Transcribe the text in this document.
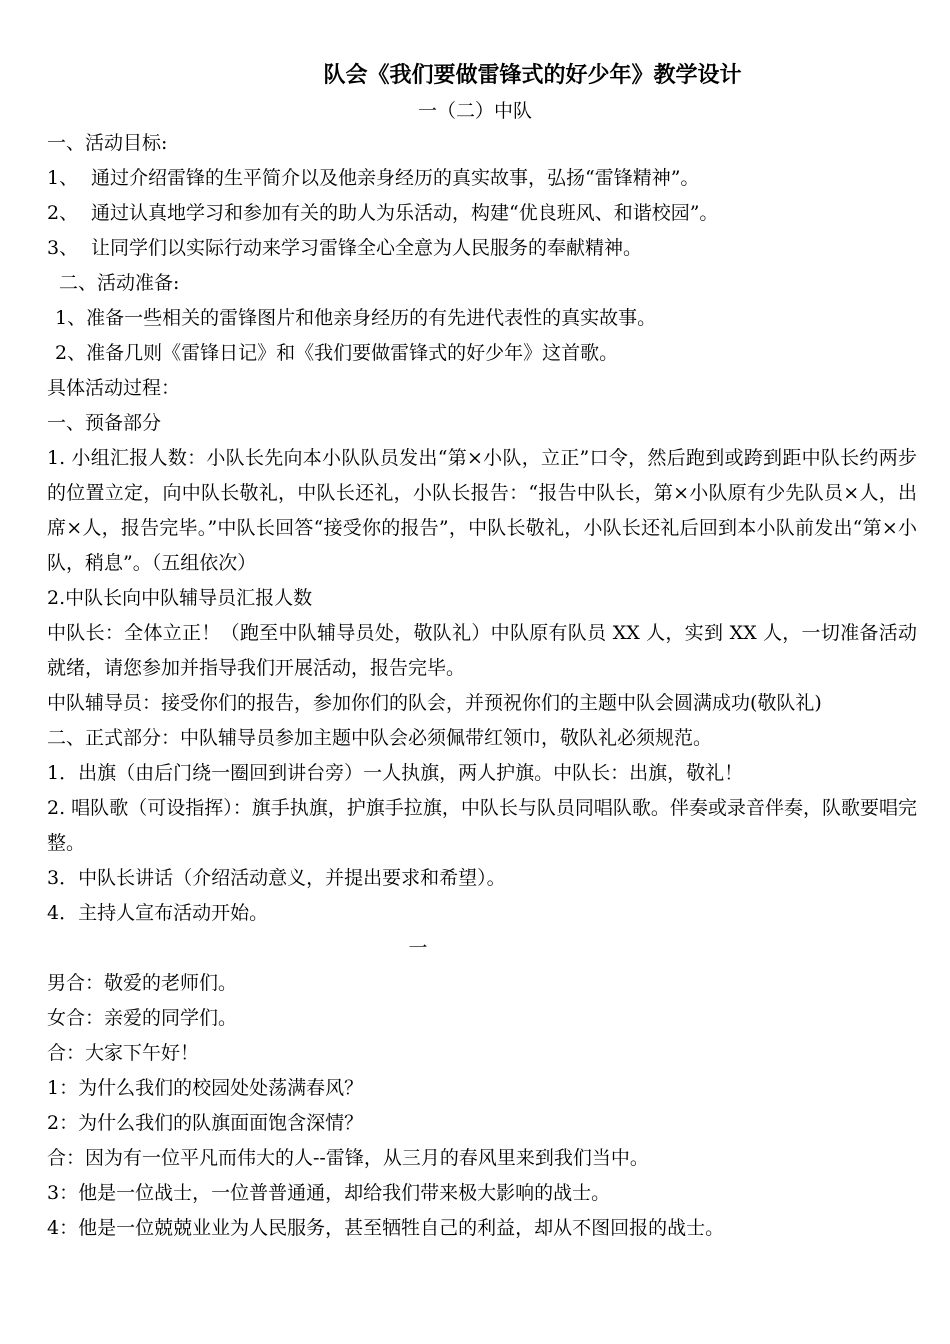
队会《我们要做雷锋式的好少年》教学设计
一（二）中队

一、活动目标:

1、 通过介绍雷锋的生平简介以及他亲身经历的真实故事，弘扬“雷锋精神”。
2、 通过认真地学习和参加有关的助人为乐活动，构建“优良班风、和谐校园”。
3、 让同学们以实际行动来学习雷锋全心全意为人民服务的奉献精神。

二、活动准备:

1、准备一些相关的雷锋图片和他亲身经历的有先进代表性的真实故事。

2、准备几则《雷锋日记》和《我们要做雷锋式的好少年》这首歌。

具体活动过程：

一、预备部分

1. 小组汇报人数：小队长先向本小队队员发出“第×小队，立正”口令，然后跑到或跨到距中队长约两步的位置立定，向中队长敬礼，中队长还礼，小队长报告：“报告中队长，第×小队原有少先队员×人，出席×人，报告完毕。”中队长回答“接受你的报告”，中队长敬礼，小队长还礼后回到本小队前发出“第×小队，稍息”。（五组依次）

2.中队长向中队辅导员汇报人数

中队长：全体立正！（跑至中队辅导员处，敬队礼）中队原有队员 XX 人，实到 XX 人，一切准备活动就绪，请您参加并指导我们开展活动，报告完毕。

中队辅导员：接受你们的报告，参加你们的队会，并预祝你们的主题中队会圆满成功(敬队礼)

二、正式部分：中队辅导员参加主题中队会必须佩带红领巾，敬队礼必须规范。

1．出旗（由后门绕一圈回到讲台旁）一人执旗，两人护旗。中队长：出旗，敬礼！

2. 唱队歌（可设指挥）：旗手执旗，护旗手拉旗，中队长与队员同唱队歌。伴奏或录音伴奏，队歌要唱完整。

3．中队长讲话（介绍活动意义，并提出要求和希望）。

4．主持人宣布活动开始。

一

男合：敬爱的老师们。

女合：亲爱的同学们。

合：大家下午好！

1：为什么我们的校园处处荡满春风？

2：为什么我们的队旗面面饱含深情？

合：因为有一位平凡而伟大的人--雷锋，从三月的春风里来到我们当中。

3：他是一位战士，一位普普通通，却给我们带来极大影响的战士。

4：他是一位兢兢业业为人民服务，甚至牺牲自己的利益，却从不图回报的战士。
